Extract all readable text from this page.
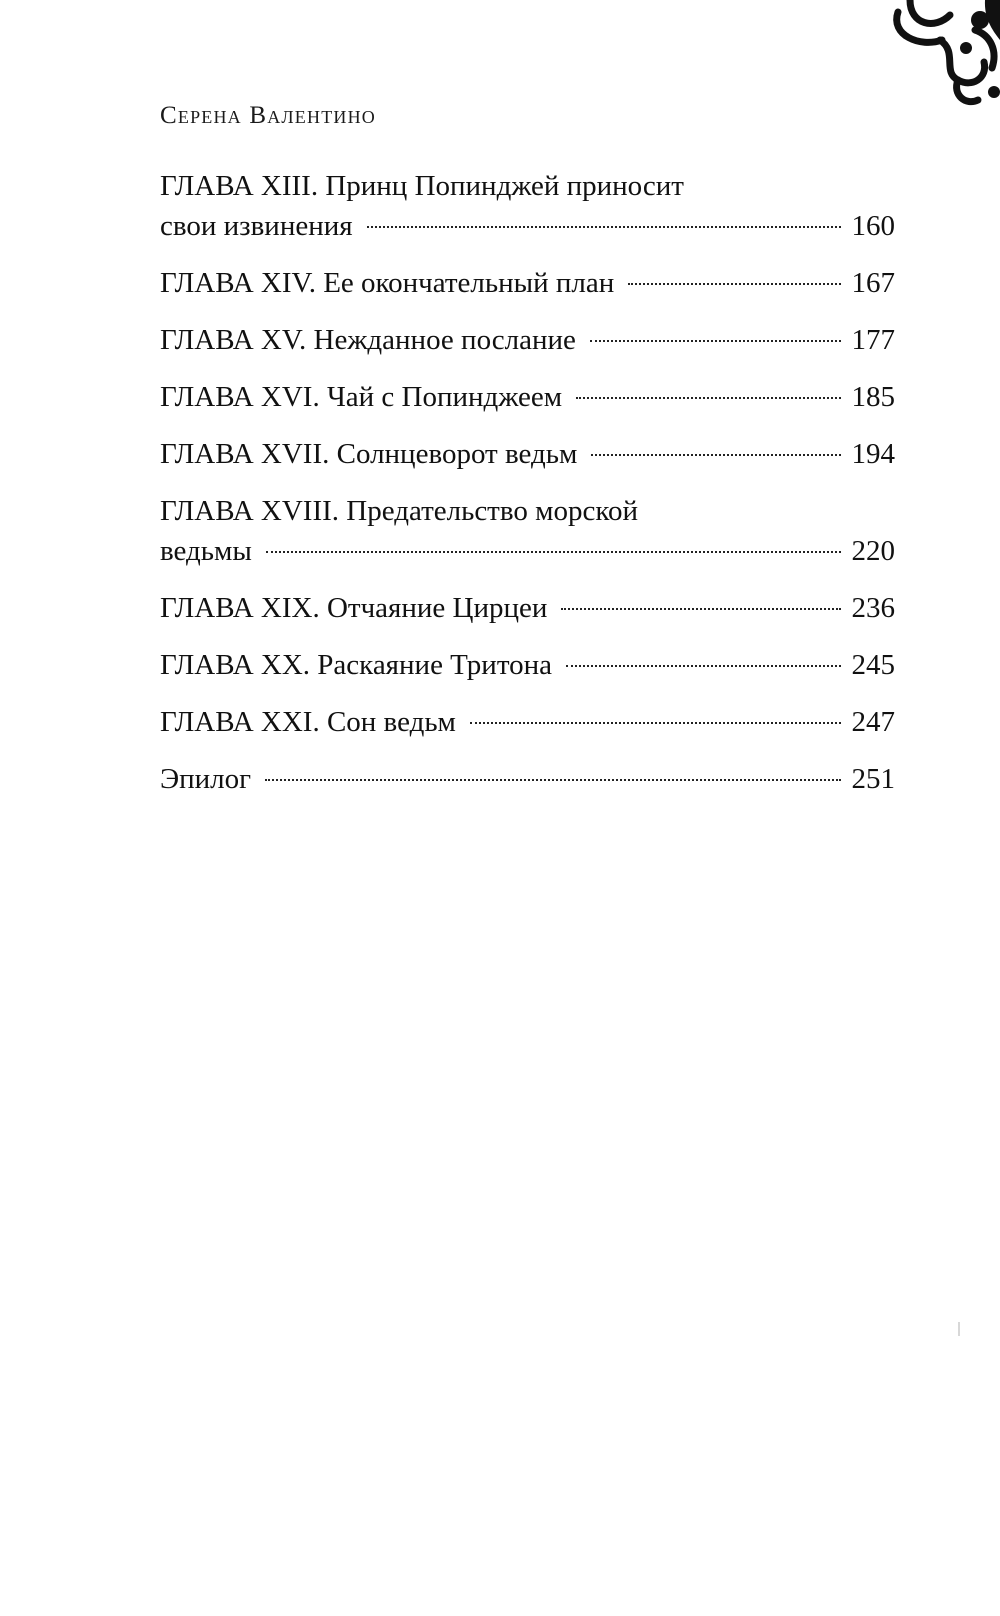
Серена Валентино
ГЛАВА XIII. Принц Попинджей приносит
свои извинения	160
ГЛАВА XIV. Ее окончательный план	167
ГЛАВА XV. Нежданное послание	177
ГЛАВА XVI. Чай с Попинджеем	185
ГЛАВА XVII. Солнцеворот ведьм	194
ГЛАВА XVIII. Предательство морской
ведьмы	220
ГЛАВА XIX. Отчаяние Цирцеи	236
ГЛАВА XX. Раскаяние Тритона	245
ГЛАВА XXI. Сон ведьм	247
Эпилог	251
